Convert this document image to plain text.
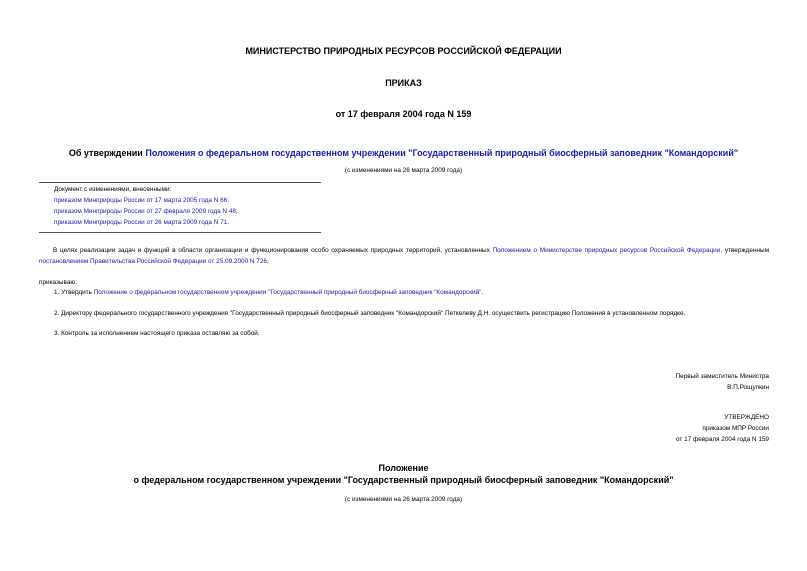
МИНИСТЕРСТВО ПРИРОДНЫХ РЕСУРСОВ РОССИЙСКОЙ ФЕДЕРАЦИИ
ПРИКАЗ
от 17 февраля 2004 года N 159
Об утверждении Положения о федеральном государственном учреждении "Государственный природный биосферный заповедник "Командорский"
(с изменениями на 26 марта 2009 года)
Документ с изменениями, внесенными:
приказом Минприроды России от 17 марта 2005 года N 66;
приказом Минприроды России от 27 февраля 2009 года N 48;
приказом Минприроды России от 26 марта 2009 года N 71.
В целях реализации задач и функций в области организации и функционирования особо охраняемых природных территорий, установленных Положением о Министерстве природных ресурсов Российской Федерации, утвержденным постановлением Правительства Российской Федерации от 25.09.2000 N 726,
приказываю:
1. Утвердить Положение о федеральном государственном учреждении "Государственный природный биосферный заповедник "Командорский".
2. Директору федерального государственного учреждения "Государственный природный биосферный заповедник "Командорский" Петкелеву Д.Н. осуществить регистрацию Положения в установленном порядке.
3. Контроль за исполнением настоящего приказа оставляю за собой.
Первый заместитель Министра
В.П.Рощупкин
УТВЕРЖДЕНО
приказом МПР России
от 17 февраля 2004 года N 159
Положение
о федеральном государственном учреждении "Государственный природный биосферный заповедник "Командорский"
(с изменениями на 26 марта 2009 года)
